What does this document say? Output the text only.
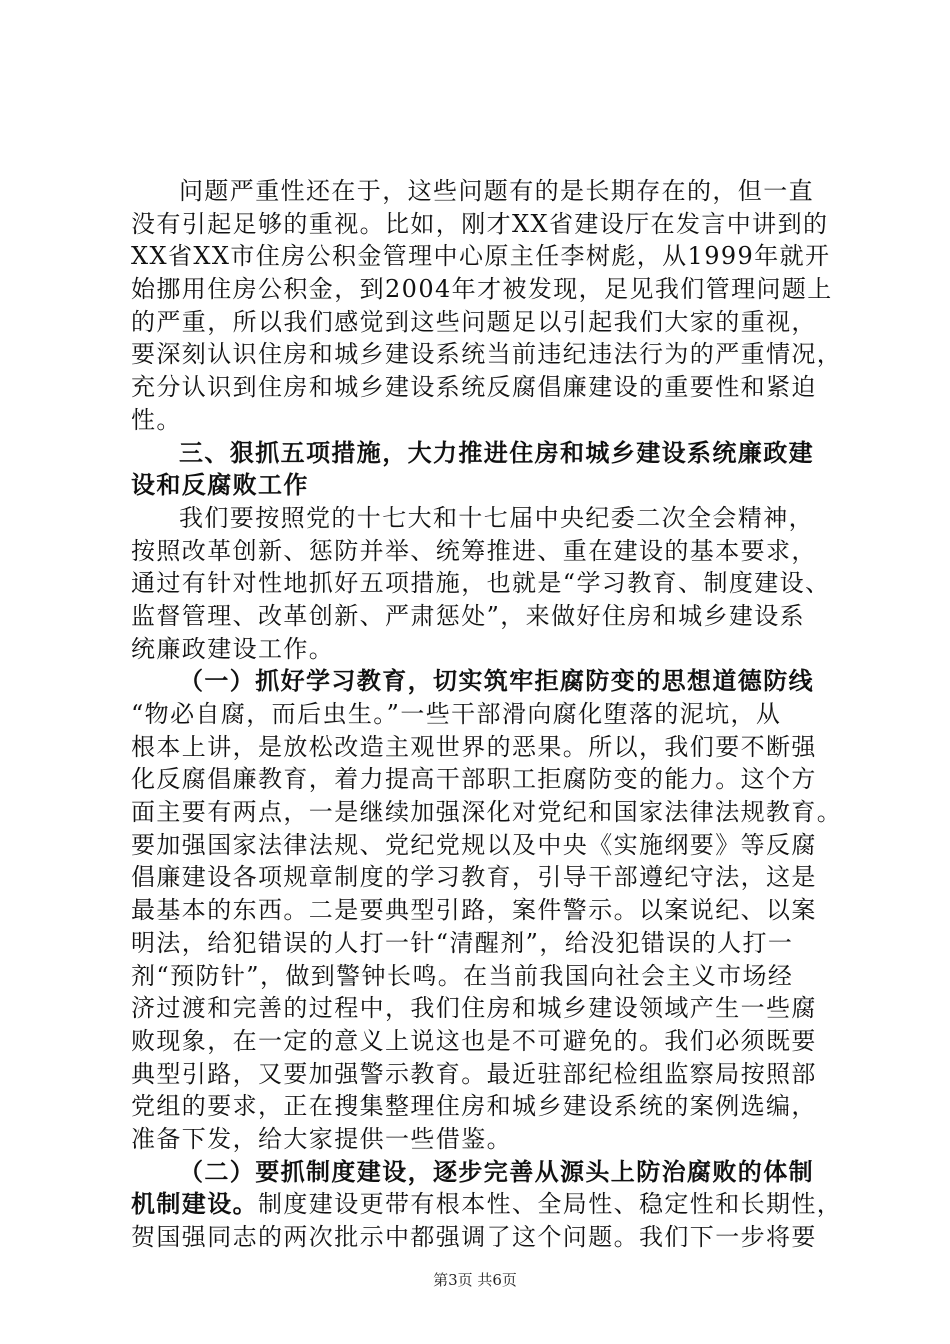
问题严重性还在于，这些问题有的是长期存在的，但一直
没有引起足够的重视。比如，刚才XX省建设厅在发言中讲到的
XX省XX市住房公积金管理中心原主任李树彪，从1999年就开
始挪用住房公积金，到2004年才被发现，足见我们管理问题上
的严重，所以我们感觉到这些问题足以引起我们大家的重视，
要深刻认识住房和城乡建设系统当前违纪违法行为的严重情况，
充分认识到住房和城乡建设系统反腐倡廉建设的重要性和紧迫
性。
三、狠抓五项措施，大力推进住房和城乡建设系统廉政建
设和反腐败工作
我们要按照党的十七大和十七届中央纪委二次全会精神，
按照改革创新、惩防并举、统筹推进、重在建设的基本要求，
通过有针对性地抓好五项措施，也就是“学习教育、制度建设、
监督管理、改革创新、严肃惩处”，来做好住房和城乡建设系
统廉政建设工作。
（一）抓好学习教育，切实筑牢拒腐防变的思想道德防线
“物必自腐，而后虫生。”一些干部滑向腐化堕落的泥坑，从
根本上讲，是放松改造主观世界的恶果。所以，我们要不断强
化反腐倡廉教育，着力提高干部职工拒腐防变的能力。这个方
面主要有两点，一是继续加强深化对党纪和国家法律法规教育。
要加强国家法律法规、党纪党规以及中央《实施纲要》等反腐
倡廉建设各项规章制度的学习教育，引导干部遵纪守法，这是
最基本的东西。二是要典型引路，案件警示。以案说纪、以案
明法，给犯错误的人打一针“清醒剂”，给没犯错误的人打一
剂“预防针”，做到警钟长鸣。在当前我国向社会主义市场经
济过渡和完善的过程中，我们住房和城乡建设领域产生一些腐
败现象，在一定的意义上说这也是不可避免的。我们必须既要
典型引路，又要加强警示教育。最近驻部纪检组监察局按照部
党组的要求，正在搜集整理住房和城乡建设系统的案例选编，
准备下发，给大家提供一些借鉴。
（二）要抓制度建设，逐步完善从源头上防治腐败的体制
机制建设。制度建设更带有根本性、全局性、稳定性和长期性，
贺国强同志的两次批示中都强调了这个问题。我们下一步将要
第3页 共6页
